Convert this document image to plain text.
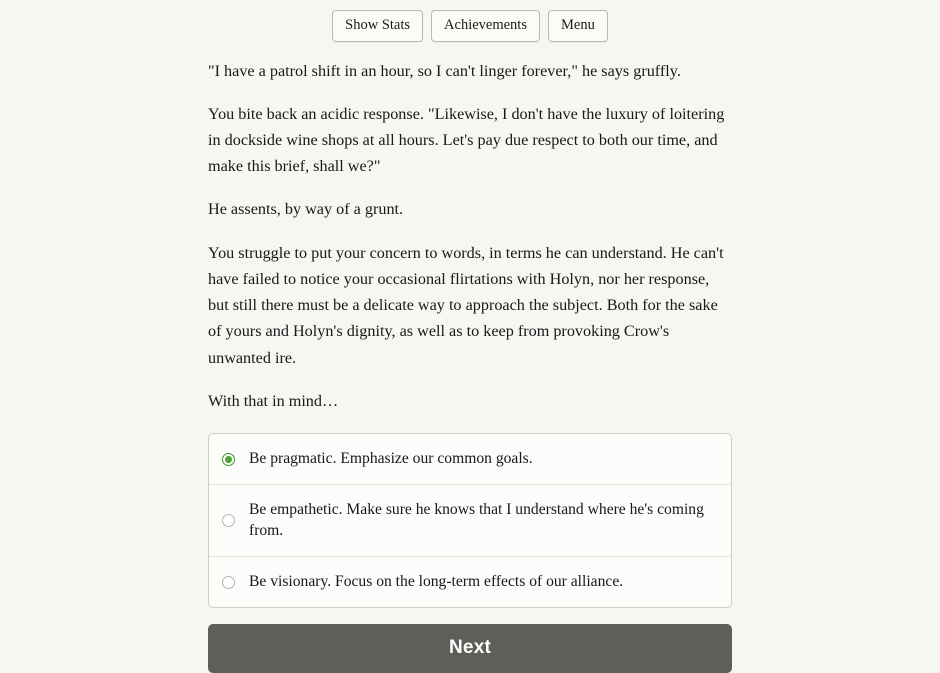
Show Stats	Achievements	Menu

"I have a patrol shift in an hour, so I can't linger forever," he says gruffly.

You bite back an acidic response. "Likewise, I don't have the luxury of loitering in dockside wine shops at all hours. Let's pay due respect to both our time, and make this brief, shall we?"

He assents, by way of a grunt.

You struggle to put your concern to words, in terms he can understand. He can't have failed to notice your occasional flirtations with Holyn, nor her response, but still there must be a delicate way to approach the subject. Both for the sake of yours and Holyn's dignity, as well as to keep from provoking Crow's unwanted ire.

With that in mind…

Be pragmatic. Emphasize our common goals.
Be empathetic. Make sure he knows that I understand where he's coming from.
Be visionary. Focus on the long-term effects of our alliance.
Next
